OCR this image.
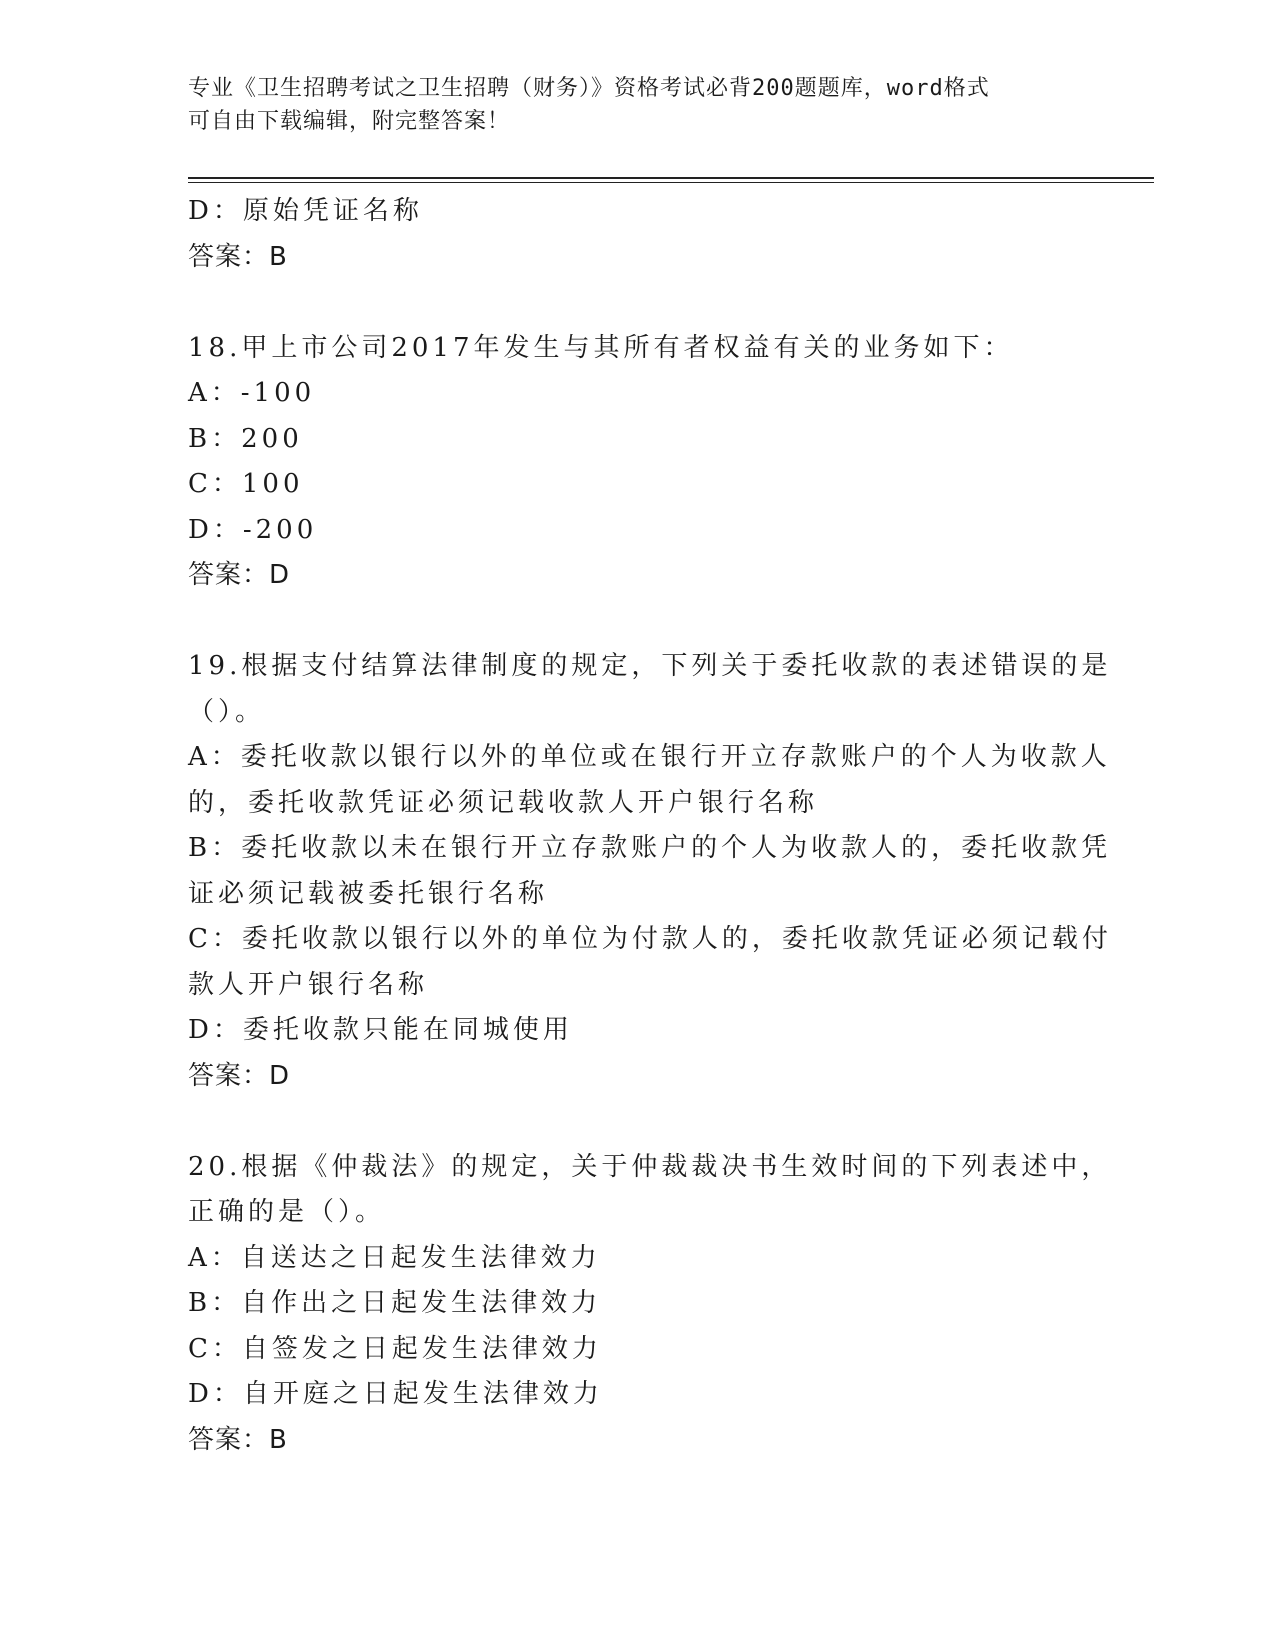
专业《卫生招聘考试之卫生招聘（财务）》资格考试必背200题题库，word格式
可自由下载编辑，附完整答案！
D：原始凭证名称
答案：B
18.甲上市公司2017年发生与其所有者权益有关的业务如下：
A：-100
B：200
C：100
D：-200
答案：D
19.根据支付结算法律制度的规定，下列关于委托收款的表述错误的是
（）。
A：委托收款以银行以外的单位或在银行开立存款账户的个人为收款人
的，委托收款凭证必须记载收款人开户银行名称
B：委托收款以未在银行开立存款账户的个人为收款人的，委托收款凭
证必须记载被委托银行名称
C：委托收款以银行以外的单位为付款人的，委托收款凭证必须记载付
款人开户银行名称
D：委托收款只能在同城使用
答案：D
20.根据《仲裁法》的规定，关于仲裁裁决书生效时间的下列表述中，
正确的是（）。
A：自送达之日起发生法律效力
B：自作出之日起发生法律效力
C：自签发之日起发生法律效力
D：自开庭之日起发生法律效力
答案：B
